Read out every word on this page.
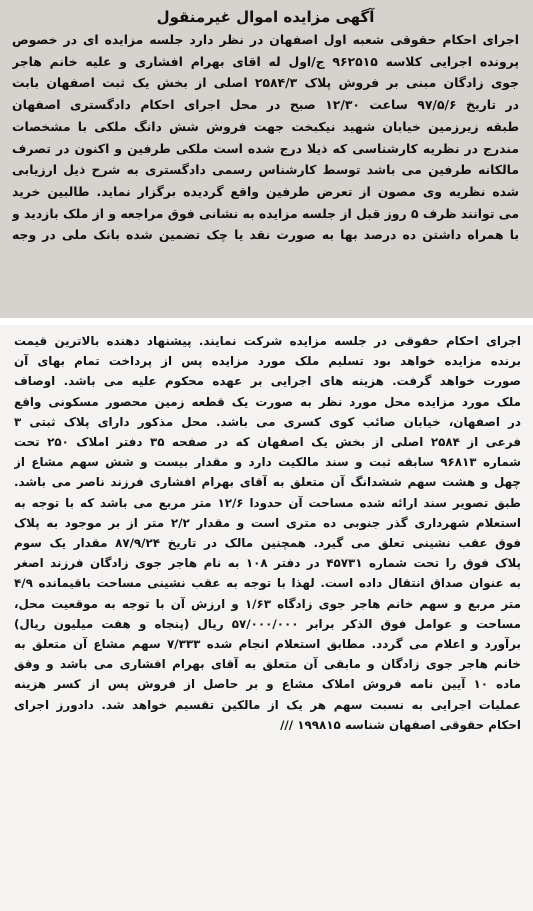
آگهی مزایده اموال غیرمنقول
اجرای احکام حقوقی شعبه اول اصفهان در نظر دارد جلسه مزایده ای در خصوص
پرونده اجرایی کلاسه ۹۶۲۵۱۵ ج/اول له اقای بهرام افشاری و علیه خانم هاجر
جوی زادگان مبنی بر فروش پلاک ۲۵۸۴/۳ اصلی از بخش یک ثبت اصفهان بابت
در تاریخ ۹۷/۵/۶ ساعت ۱۲/۳۰ صبح در محل اجرای احکام دادگستری اصفهان
طبقه زیرزمین خیابان شهید نیکبخت جهت فروش شش دانگ ملکی با مشخصات
مندرج در نظریه کارشناسی که ذیلا درج شده است ملکی طرفین و اکنون در تصرف
مالکانه طرفین می باشد توسط کارشناس رسمی دادگستری به شرح ذیل ارزیابی
شده نظریه وی مصون از تعرض طرفین واقع گردیده برگزار نماید. طالبین خرید
می توانند ظرف ۵ روز قبل از جلسه مزایده به نشانی فوق مراجعه و از ملک بازدید و
با همراه داشتن ده درصد بها به صورت نقد یا چک تضمین شده بانک ملی در وجه
اجرای احکام حقوقی در جلسه مزایده شرکت نمایند. پیشنهاد دهنده بالاترین قیمت
برنده مزایده خواهد بود تسلیم ملک مورد مزایده پس از پرداخت تمام بهای آن
صورت خواهد گرفت. هزینه های اجرایی بر عهده محکوم علیه می باشد. اوصاف
ملک مورد مزایده محل مورد نظر به صورت یک قطعه زمین محصور مسکونی واقع
در اصفهان، خیابان صائب کوی کسری می باشد. محل مذکور دارای پلاک ثبتی ۳
فرعی از ۲۵۸۴ اصلی از بخش یک اصفهان که در صفحه ۳۵ دفتر املاک ۲۵۰ تحت
شماره ۹۶۸۱۳ سابقه ثبت و سند مالکیت دارد و مقدار بیست و شش سهم مشاع از
چهل و هشت سهم ششدانگ آن متعلق به آقای بهرام افشاری فرزند ناصر می باشد.
طبق تصویر سند ارائه شده مساحت آن حدودا ۱۲/۶ متر مربع می باشد که با توجه به
استعلام شهرداری گذر جنوبی ده متری است و مقدار ۲/۲ متر از بر موجود به پلاک
فوق عقب نشینی تعلق می گیرد. همچنین مالک در تاریخ ۸۷/۹/۲۴ مقدار یک سوم
پلاک فوق را تحت شماره ۴۵۷۳۱ در دفتر ۱۰۸ به نام هاجر جوی زادگان فرزند اصغر
به عنوان صداق انتقال داده است. لهذا با توجه به عقب نشینی مساحت باقیمانده ۴/۹
متر مربع و سهم خانم هاجر جوی زادگاه ۱/۶۳ و ارزش آن با توجه به موقعیت محل،
مساحت و عوامل فوق الذکر برابر ۵۷/۰۰۰/۰۰۰ ریال (پنجاه و هفت میلیون ریال)
برآورد و اعلام می گردد. مطابق استعلام انجام شده ۷/۳۳۳ سهم مشاع آن متعلق به
خانم هاجر جوی زادگان و مابقی آن متعلق به آقای بهرام افشاری می باشد و وفق
ماده ۱۰ آیین نامه فروش املاک مشاع و بر حاصل از فروش پس از کسر هزینه
عملیات اجرایی به نسبت سهم هر یک از مالکین تقسیم خواهد شد. دادورز اجرای
احکام حقوقی اصفهان شناسه ۱۹۹۸۱۵ ///
